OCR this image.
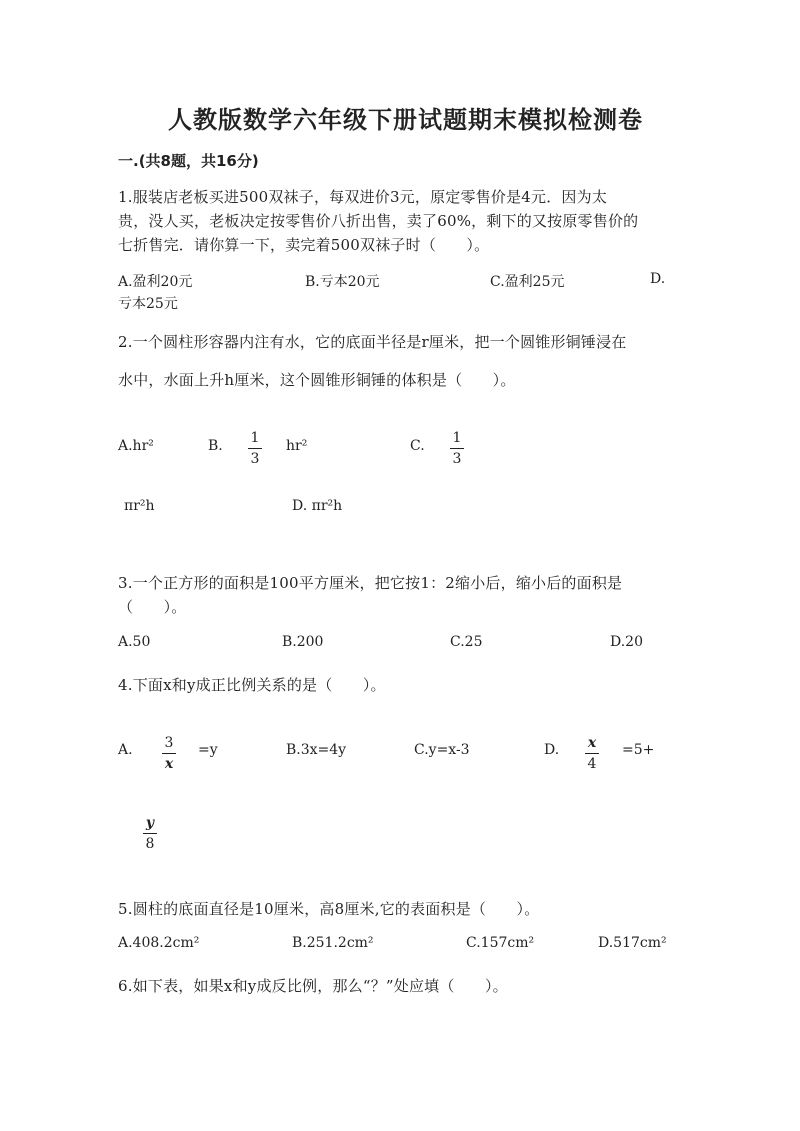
人教版数学六年级下册试题期末模拟检测卷
一.(共8题，共16分)
1.服装店老板买进500双袜子，每双进价3元，原定零售价是4元．因为太
贵，没人买，老板决定按零售价八折出售，卖了60%，剩下的又按原零售价的
七折售完．请你算一下，卖完着500双袜子时（　　）。
A.盈利20元	B.亏本20元	C.盈利25元	D.
亏本25元
2.一个圆柱形容器内注有水，它的底面半径是r厘米，把一个圆锥形铜锤浸在
水中，水面上升h厘米，这个圆锥形铜锤的体积是（　　）。
A.hr²	B. 1
3
hr²	C. 1
3
πr²h	D. πr²h
3.一个正方形的面积是100平方厘米，把它按1：2缩小后，缩小后的面积是
（　　）。
A.50	B.200	C.25	D.20
4.下面x和y成正比例关系的是（　　）。
A. 3
x
=y	B.3x=4y	C.y=x-3	D. x
4
=5+
y
8
5.圆柱的底面直径是10厘米，高8厘米,它的表面积是（　　）。
A.408.2cm²	B.251.2cm²	C.157cm²	D.517cm²
6.如下表，如果x和y成反比例，那么“？”处应填（　　）。
